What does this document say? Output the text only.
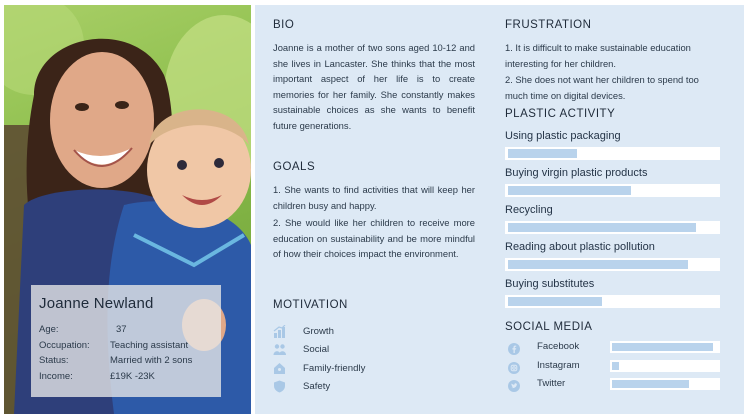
Joanne Newland
Age:	37
Occupation:	Teaching assistant
Status:	Married with 2 sons
Income:	£19K -23K
BIO
Joanne is a mother of two sons aged 10-12 and she lives in Lancaster. She thinks that the most important aspect of her life is to create memories for her family. She constantly makes sustainable choices as she wants to benefit future generations.
GOALS
1. She wants to find activities that will keep her children busy and happy.
2. She would like her children to receive more education on sustainability and be more mindful of how their choices impact the environment.
MOTIVATION
Growth
Social
Family-friendly
Safety
FRUSTRATION
1. It is difficult to make sustainable education interesting for her children.
2. She does not want her children to spend too much time on digital devices.
PLASTIC ACTIVITY
Using plastic packaging
Buying virgin plastic products
Recycling
Reading about plastic pollution
Buying substitutes
SOCIAL MEDIA
Facebook
Instagram
Twitter
